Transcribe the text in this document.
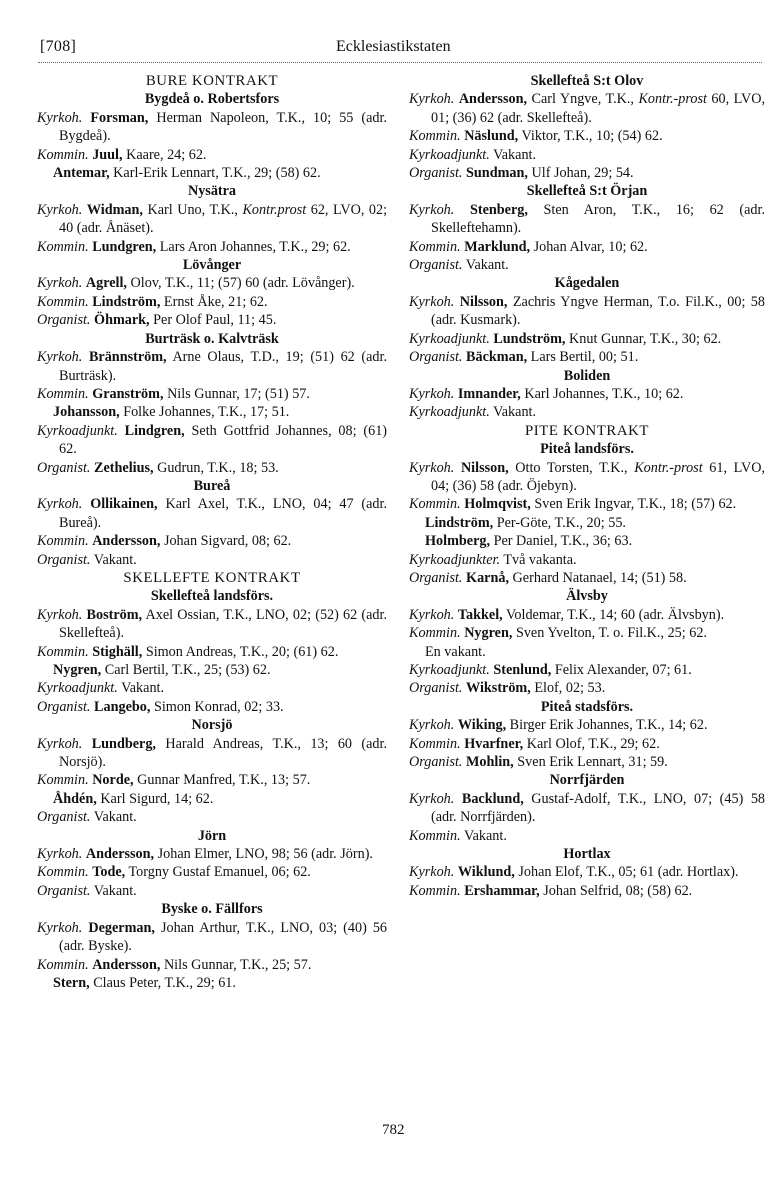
[708]	Ecklesiastikstaten

BURE KONTRAKT

Bygdeå o. Robertsfors

Kyrkoh. Forsman, Herman Napoleon, T.K., 10; 55 (adr. Bygdeå).

Kommin. Juul, Kaare, 24; 62.

Antemar, Karl-Erik Lennart, T.K., 29; (58) 62.

Nysätra

Kyrkoh. Widman, Karl Uno, T.K., Kontr.prost 62, LVO, 02; 40 (adr. Ånäset).

Kommin. Lundgren, Lars Aron Johannes, T.K., 29; 62.

Lövånger

Kyrkoh. Agrell, Olov, T.K., 11; (57) 60 (adr. Lövånger).

Kommin. Lindström, Ernst Åke, 21; 62.

Organist. Öhmark, Per Olof Paul, 11; 45.

Burträsk o. Kalvträsk

Kyrkoh. Brännström, Arne Olaus, T.D., 19; (51) 62 (adr. Burträsk).

Kommin. Granström, Nils Gunnar, 17; (51) 57.

Johansson, Folke Johannes, T.K., 17; 51.

Kyrkoadjunkt. Lindgren, Seth Gottfrid Johannes, 08; (61) 62.

Organist. Zethelius, Gudrun, T.K., 18; 53.

Bureå

Kyrkoh. Ollikainen, Karl Axel, T.K., LNO, 04; 47 (adr. Bureå).

Kommin. Andersson, Johan Sigvard, 08; 62.

Organist. Vakant.

SKELLEFTE KONTRAKT

Skellefteå landsförs.

Kyrkoh. Boström, Axel Ossian, T.K., LNO, 02; (52) 62 (adr. Skellefteå).

Kommin. Stighäll, Simon Andreas, T.K., 20; (61) 62.

Nygren, Carl Bertil, T.K., 25; (53) 62.

Kyrkoadjunkt. Vakant.

Organist. Langebo, Simon Konrad, 02; 33.

Norsjö

Kyrkoh. Lundberg, Harald Andreas, T.K., 13; 60 (adr. Norsjö).

Kommin. Norde, Gunnar Manfred, T.K., 13; 57.

Åhdén, Karl Sigurd, 14; 62.

Organist. Vakant.

Jörn

Kyrkoh. Andersson, Johan Elmer, LNO, 98; 56 (adr. Jörn).

Kommin. Tode, Torgny Gustaf Emanuel, 06; 62.

Organist. Vakant.

Byske o. Fällfors

Kyrkoh. Degerman, Johan Arthur, T.K., LNO, 03; (40) 56 (adr. Byske).

Kommin. Andersson, Nils Gunnar, T.K., 25; 57.

Stern, Claus Peter, T.K., 29; 61.

Skellefteå S:t Olov

Kyrkoh. Andersson, Carl Yngve, T.K., Kontr.-prost 60, LVO, 01; (36) 62 (adr. Skellefteå).

Kommin. Näslund, Viktor, T.K., 10; (54) 62.

Kyrkoadjunkt. Vakant.

Organist. Sundman, Ulf Johan, 29; 54.

Skellefteå S:t Örjan

Kyrkoh. Stenberg, Sten Aron, T.K., 16; 62 (adr. Skelleftehamn).

Kommin. Marklund, Johan Alvar, 10; 62.

Organist. Vakant.

Kågedalen

Kyrkoh. Nilsson, Zachris Yngve Herman, T.o. Fil.K., 00; 58 (adr. Kusmark).

Kyrkoadjunkt. Lundström, Knut Gunnar, T.K., 30; 62.

Organist. Bäckman, Lars Bertil, 00; 51.

Boliden

Kyrkoh. Imnander, Karl Johannes, T.K., 10; 62.

Kyrkoadjunkt. Vakant.

PITE KONTRAKT

Piteå landsförs.

Kyrkoh. Nilsson, Otto Torsten, T.K., Kontr.-prost 61, LVO, 04; (36) 58 (adr. Öjebyn).

Kommin. Holmqvist, Sven Erik Ingvar, T.K., 18; (57) 62.

Lindström, Per-Göte, T.K., 20; 55.

Holmberg, Per Daniel, T.K., 36; 63.

Kyrkoadjunkter. Två vakanta.

Organist. Karnå, Gerhard Natanael, 14; (51) 58.

Älvsby

Kyrkoh. Takkel, Voldemar, T.K., 14; 60 (adr. Älvsbyn).

Kommin. Nygren, Sven Yvelton, T. o. Fil.K., 25; 62.

En vakant.

Kyrkoadjunkt. Stenlund, Felix Alexander, 07; 61.

Organist. Wikström, Elof, 02; 53.

Piteå stadsförs.

Kyrkoh. Wiking, Birger Erik Johannes, T.K., 14; 62.

Kommin. Hvarfner, Karl Olof, T.K., 29; 62.

Organist. Mohlin, Sven Erik Lennart, 31; 59.

Norrfjärden

Kyrkoh. Backlund, Gustaf-Adolf, T.K., LNO, 07; (45) 58 (adr. Norrfjärden).

Kommin. Vakant.

Hortlax

Kyrkoh. Wiklund, Johan Elof, T.K., 05; 61 (adr. Hortlax).

Kommin. Ershammar, Johan Selfrid, 08; (58) 62.

782
